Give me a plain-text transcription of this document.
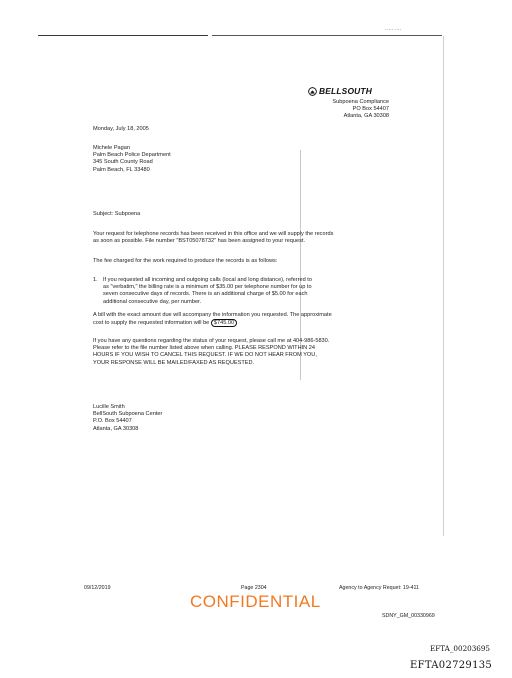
····· ····
BELLSOUTH
Subpoena Compliance
PO Box 54407
Atlanta, GA 30308
Monday, July 18, 2005
Michele Pagan
Palm Beach Police Department
345 South County Road
Palm Beach, FL 33480
Subject: Subpoena
Your request for telephone records has been received in this office and we will supply the records
as soon as possible. File number "BST05078732" has been assigned to your request.
The fee charged for the work required to produce the records is as follows:
1. If you requested all incoming and outgoing calls (local and long distance), referred to
as "verbatim," the billing rate is a minimum of $35.00 per telephone number for up to
seven consecutive days of records. There is an additional charge of $5.00 for each
additional consecutive day, per number.
A bill with the exact amount due will accompany the information you requested. The approximate
cost to supply the requested information will be $745.00
If you have any questions regarding the status of your request, please call me at 404-986-5830.
Please refer to the file number listed above when calling. PLEASE RESPOND WITHIN 24
HOURS IF YOU WISH TO CANCEL THIS REQUEST. IF WE DO NOT HEAR FROM YOU,
YOUR RESPONSE WILL BE MAILED/FAXED AS REQUESTED.
Lucille Smith
BellSouth Subpoena Center
P.O. Box 54407
Atlanta, GA 30308
09/12/2019	Page 2304	Agency to Agency Requet: 19-411
CONFIDENTIAL
SDNY_GM_00330969
EFTA_00203695
EFTA02729135
